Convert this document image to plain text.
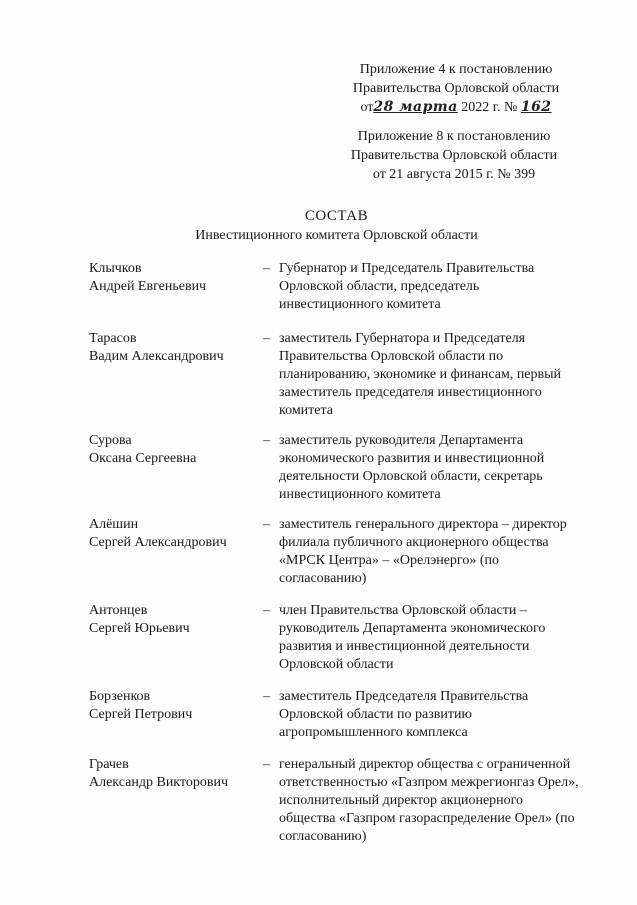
Приложение 4 к постановлению
Правительства Орловской области
от28 марта 2022 г. № 162
Приложение 8 к постановлению
Правительства Орловской области
от 21 августа 2015 г. № 399
СОСТАВ
Инвестиционного комитета Орловской области
Клычков
Андрей Евгеньевич
– Губернатор и Председатель Правительства Орловской области, председатель инвестиционного комитета
Тарасов
Вадим Александрович
– заместитель Губернатора и Председателя Правительства Орловской области по планированию, экономике и финансам, первый заместитель председателя инвестиционного комитета
Сурова
Оксана Сергеевна
– заместитель руководителя Департамента экономического развития и инвестиционной деятельности Орловской области, секретарь инвестиционного комитета
Алёшин
Сергей Александрович
– заместитель генерального директора – директор филиала публичного акционерного общества «МРСК Центра» – «Орелэнерго» (по согласованию)
Антонцев
Сергей Юрьевич
– член Правительства Орловской области – руководитель Департамента экономического развития и инвестиционной деятельности Орловской области
Борзенков
Сергей Петрович
– заместитель Председателя Правительства Орловской области по развитию агропромышленного комплекса
Грачев
Александр Викторович
– генеральный директор общества с ограниченной ответственностью «Газпром межрегионгаз Орел», исполнительный директор акционерного общества «Газпром газораспределение Орел» (по согласованию)
